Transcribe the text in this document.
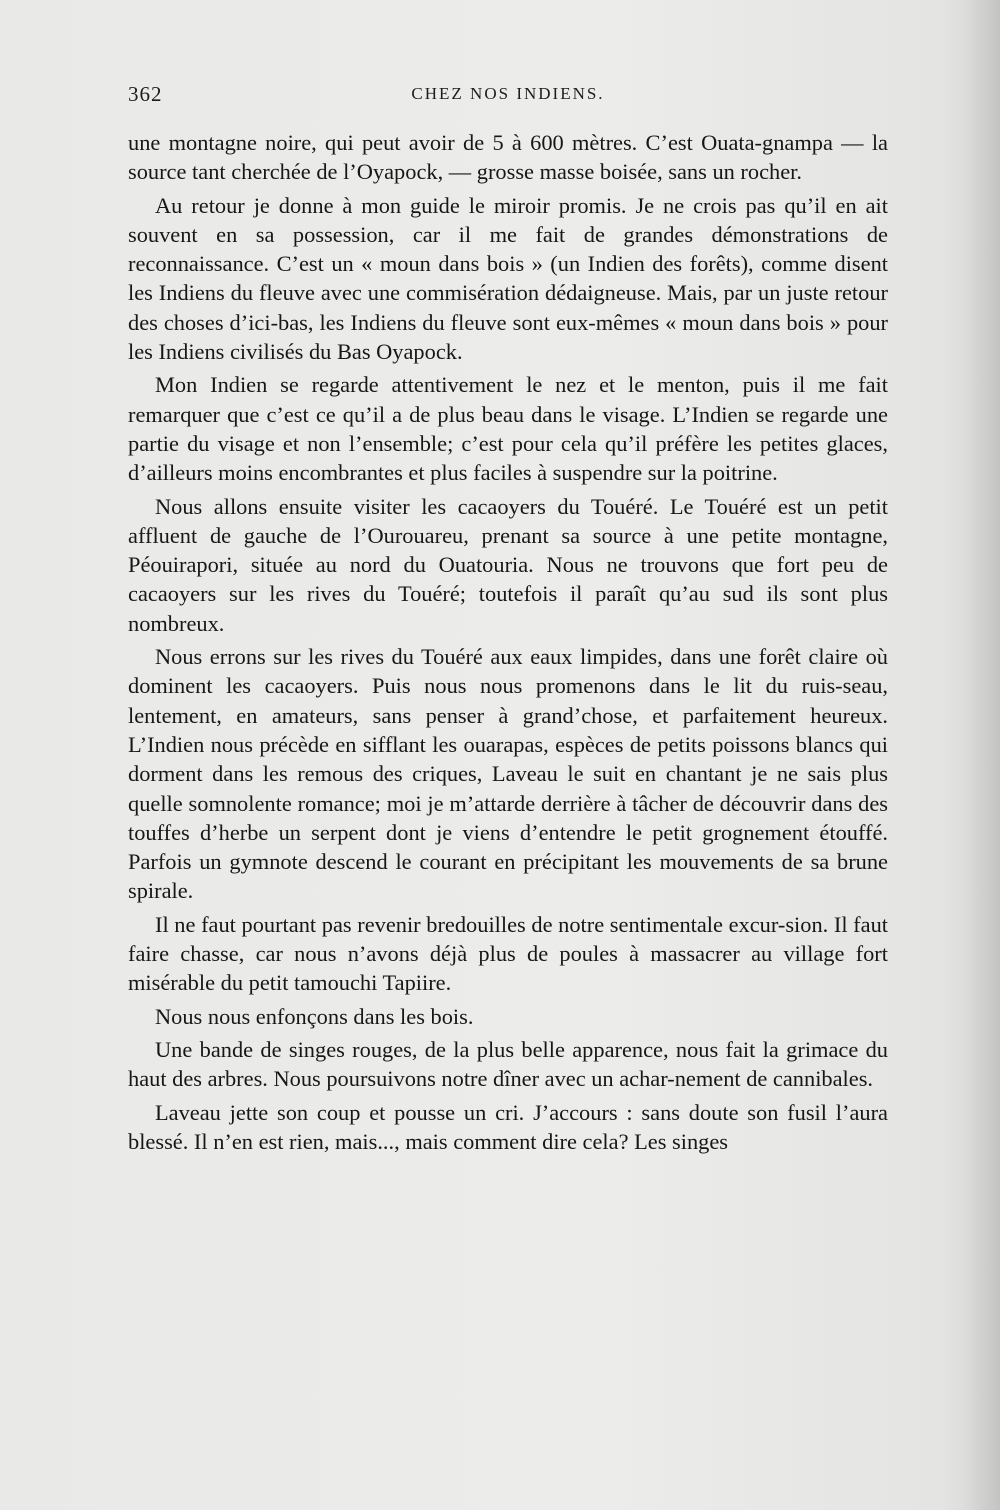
362	CHEZ NOS INDIENS.

une montagne noire, qui peut avoir de 5 à 600 mètres. C’est Ouata-gnampa — la source tant cherchée de l’Oyapock, — grosse masse boisée, sans un rocher.

Au retour je donne à mon guide le miroir promis. Je ne crois pas qu’il en ait souvent en sa possession, car il me fait de grandes démonstrations de reconnaissance. C’est un « moun dans bois » (un Indien des forêts), comme disent les Indiens du fleuve avec une commisération dédaigneuse. Mais, par un juste retour des choses d’ici-bas, les Indiens du fleuve sont eux-mêmes « moun dans bois » pour les Indiens civilisés du Bas Oyapock.

Mon Indien se regarde attentivement le nez et le menton, puis il me fait remarquer que c’est ce qu’il a de plus beau dans le visage. L’Indien se regarde une partie du visage et non l’ensemble; c’est pour cela qu’il préfère les petites glaces, d’ailleurs moins encombrantes et plus faciles à suspendre sur la poitrine.

Nous allons ensuite visiter les cacaoyers du Touéré. Le Touéré est un petit affluent de gauche de l’Ourouareu, prenant sa source à une petite montagne, Péouirapori, située au nord du Ouatouria. Nous ne trouvons que fort peu de cacaoyers sur les rives du Touéré; toutefois il paraît qu’au sud ils sont plus nombreux.

Nous errons sur les rives du Touéré aux eaux limpides, dans une forêt claire où dominent les cacaoyers. Puis nous nous promenons dans le lit du ruis-seau, lentement, en amateurs, sans penser à grand’chose, et parfaitement heureux. L’Indien nous précède en sifflant les ouarapas, espèces de petits poissons blancs qui dorment dans les remous des criques, Laveau le suit en chantant je ne sais plus quelle somnolente romance; moi je m’attarde derrière à tâcher de découvrir dans des touffes d’herbe un serpent dont je viens d’entendre le petit grognement étouffé. Parfois un gymnote descend le courant en précipitant les mouvements de sa brune spirale.

Il ne faut pourtant pas revenir bredouilles de notre sentimentale excur-sion. Il faut faire chasse, car nous n’avons déjà plus de poules à massacrer au village fort misérable du petit tamouchi Tapiire.

Nous nous enfonçons dans les bois.

Une bande de singes rouges, de la plus belle apparence, nous fait la grimace du haut des arbres. Nous poursuivons notre dîner avec un achar-nement de cannibales.

Laveau jette son coup et pousse un cri. J’accours : sans doute son fusil l’aura blessé. Il n’en est rien, mais..., mais comment dire cela? Les singes
